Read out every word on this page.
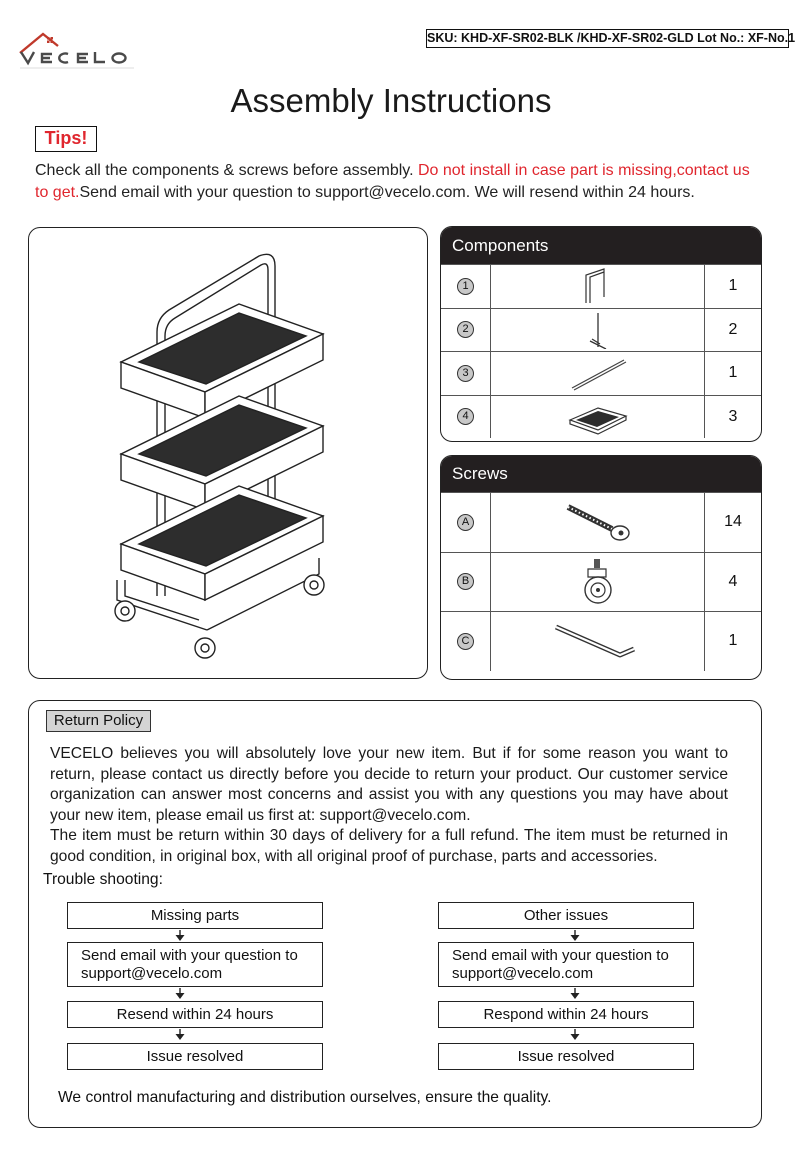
SKU: KHD-XF-SR02-BLK /KHD-XF-SR02-GLD Lot No.: XF-No.1
Assembly Instructions
Tips!
Check all the components & screws before assembly. Do not install in case part is missing,contact us to get.Send email with your question to support@vecelo.com. We will resend within 24 hours.
Components
1	1
2	2
3	1
4	3
Screws
A	14
B	4
C	1
Return Policy

VECELO believes you will absolutely love your new item. But if for some reason you want to return, please contact us directly before you decide to return your product. Our customer service organization can answer most concerns and assist you with any questions you may have about your new item, please email us first at: support@vecelo.com.

The item must be return within 30 days of delivery for a full refund. The item must be returned in good condition, in original box, with all original proof of purchase, parts and accessories.

Trouble shooting:
Missing parts
Send email with your question to support@vecelo.com
Resend within 24 hours
Issue resolved
Other issues
Send email with your question to support@vecelo.com
Respond within 24 hours
Issue resolved
We control manufacturing and distribution ourselves, ensure the quality.
